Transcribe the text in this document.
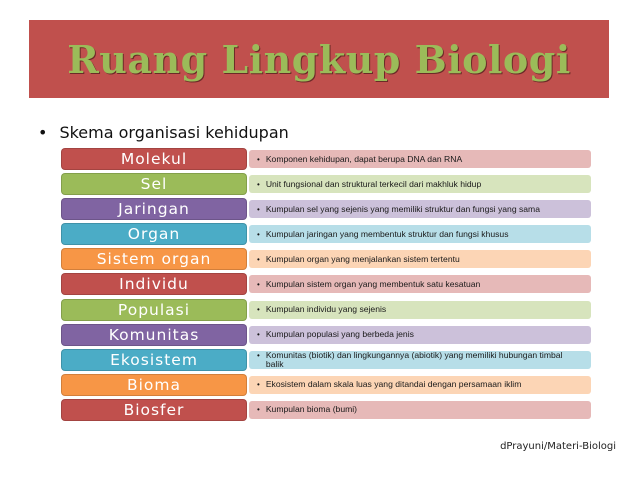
Ruang Lingkup Biologi
• Skema organisasi kehidupan
Molekul	• Komponen kehidupan, dapat berupa DNA dan RNA
Sel	• Unit fungsional dan struktural terkecil dari makhluk hidup
Jaringan	• Kumpulan sel yang sejenis yang memiliki struktur dan fungsi yang sama
Organ	• Kumpulan jaringan yang membentuk struktur dan fungsi khusus
Sistem organ	• Kumpulan organ yang menjalankan sistem tertentu
Individu	• Kumpulan sistem organ yang membentuk satu kesatuan
Populasi	• Kumpulan individu yang sejenis
Komunitas	• Kumpulan populasi yang berbeda jenis
Ekosistem	• Komunitas (biotik) dan lingkungannya (abiotik) yang memiliki hubungan timbal balik
Bioma	• Ekosistem dalam skala luas yang ditandai dengan persamaan iklim
Biosfer	• Kumpulan bioma (bumi)
dPrayuni/Materi-Biologi
